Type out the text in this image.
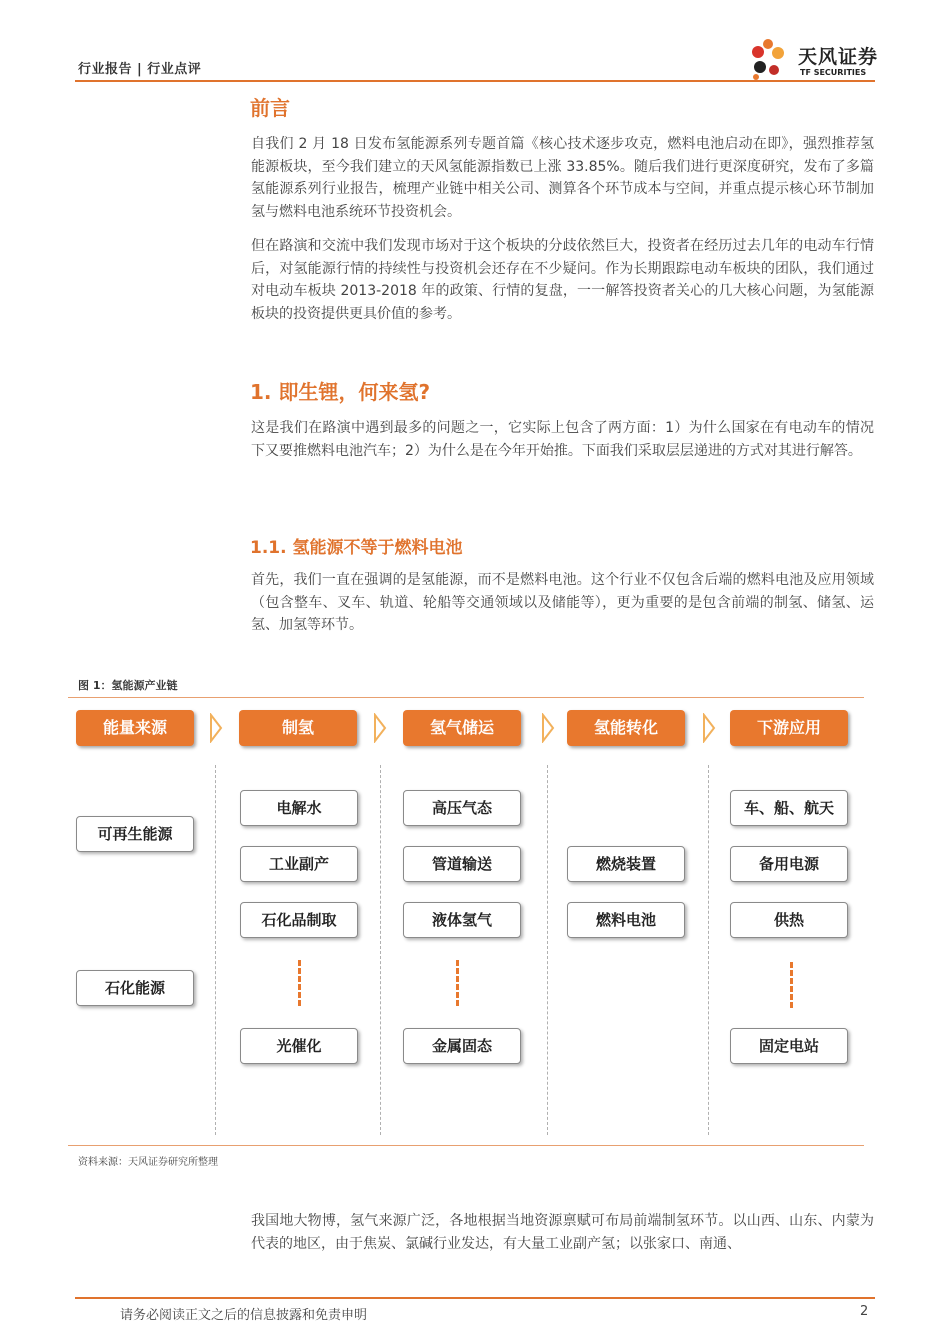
行业报告 | 行业点评
天风证券
TF SECURITIES
前言

自我们 2 月 18 日发布氢能源系列专题首篇《核心技术逐步攻克，燃料电池启动在即》，强烈推荐氢能源板块，至今我们建立的天风氢能源指数已上涨 33.85%。随后我们进行更深度研究，发布了多篇氢能源系列行业报告，梳理产业链中相关公司、测算各个环节成本与空间，并重点提示核心环节制加氢与燃料电池系统环节投资机会。

但在路演和交流中我们发现市场对于这个板块的分歧依然巨大，投资者在经历过去几年的电动车行情后，对氢能源行情的持续性与投资机会还存在不少疑问。作为长期跟踪电动车板块的团队，我们通过对电动车板块 2013-2018 年的政策、行情的复盘，一一解答投资者关心的几大核心问题，为氢能源板块的投资提供更具价值的参考。

1. 即生锂，何来氢?

这是我们在路演中遇到最多的问题之一，它实际上包含了两方面：1）为什么国家在有电动车的情况下又要推燃料电池汽车；2）为什么是在今年开始推。下面我们采取层层递进的方式对其进行解答。

1.1. 氢能源不等于燃料电池

首先，我们一直在强调的是氢能源，而不是燃料电池。这个行业不仅包含后端的燃料电池及应用领域（包含整车、叉车、轨道、轮船等交通领域以及储能等），更为重要的是包含前端的制氢、储氢、运氢、加氢等环节。

图 1：氢能源产业链
能量来源	制氢	氢气储运	氢能转化	下游应用
可再生能源
石化能源
电解水
工业副产
石化品制取
光催化
高压气态
管道输送
液体氢气
金属固态
燃烧装置
燃料电池
车、船、航天
备用电源
供热
固定电站
资料来源：天风证券研究所整理

我国地大物博，氢气来源广泛，各地根据当地资源禀赋可布局前端制氢环节。以山西、山东、内蒙为代表的地区，由于焦炭、氯碱行业发达，有大量工业副产氢；以张家口、南通、

请务必阅读正文之后的信息披露和免责申明	2
